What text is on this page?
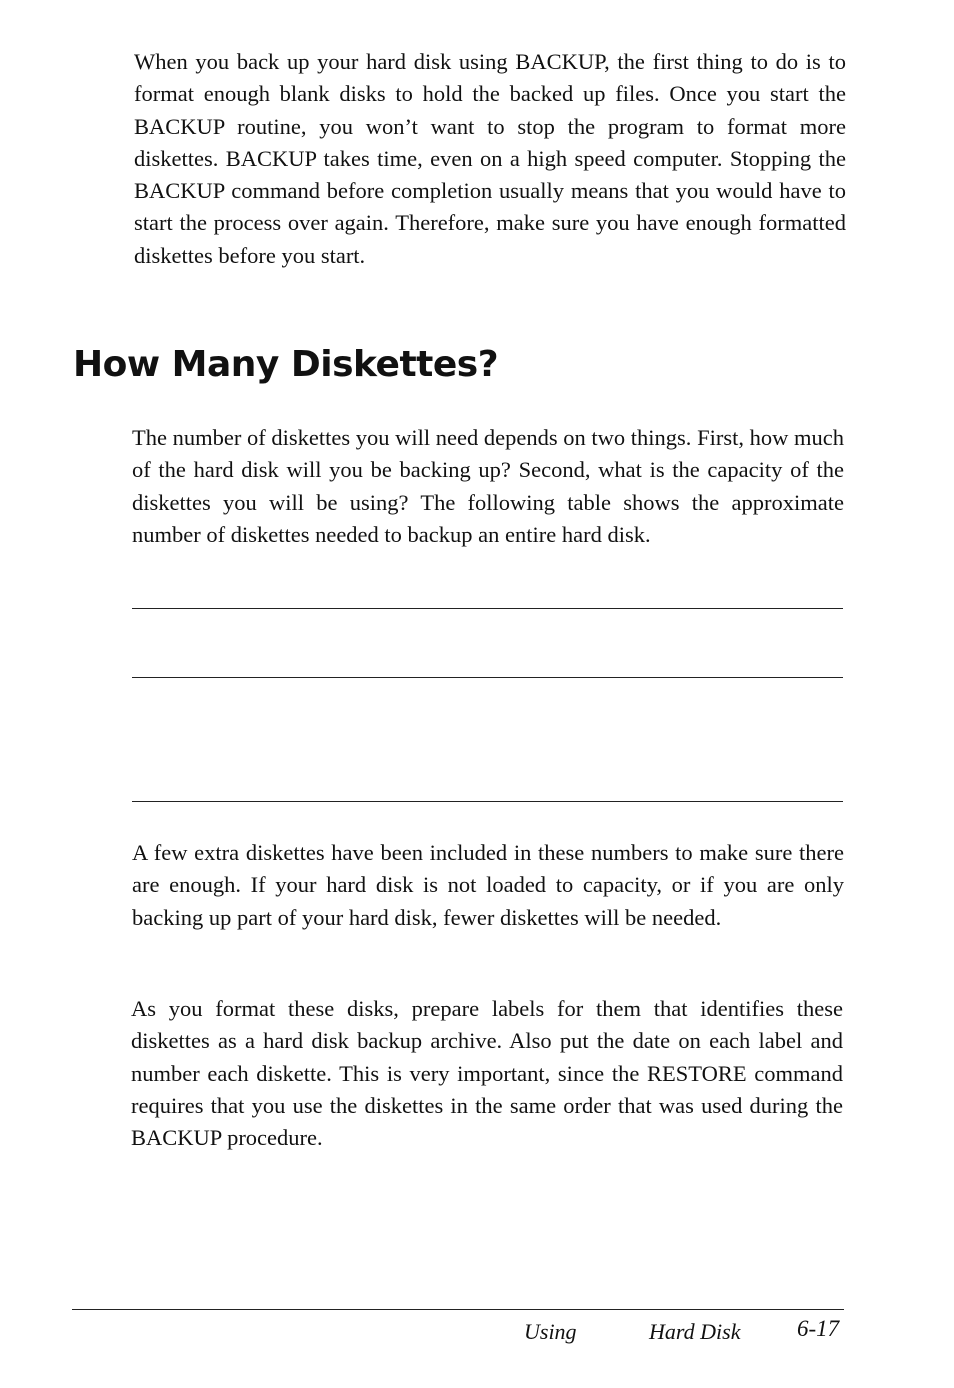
When you back up your hard disk using BACKUP, the first thing to do is to format enough blank disks to hold the backed up files. Once you start the BACKUP routine, you won’t want to stop the program to format more diskettes. BACKUP takes time, even on a high speed computer. Stopping the BACKUP command before completion usually means that you would have to start the process over again. Therefore, make sure you have enough formatted diskettes before you start.

How Many Diskettes?

The number of diskettes you will need depends on two things. First, how much of the hard disk will you be backing up? Second, what is the capacity of the diskettes you will be using? The following table shows the approximate number of diskettes needed to backup an entire hard disk.

A few extra diskettes have been included in these numbers to make sure there are enough. If your hard disk is not loaded to capacity, or if you are only backing up part of your hard disk, fewer diskettes will be needed.

As you format these disks, prepare labels for them that identifies these diskettes as a hard disk backup archive. Also put the date on each label and number each diskette. This is very important, since the RESTORE command requires that you use the diskettes in the same order that was used during the BACKUP procedure.

Using	Hard Disk 6-17
